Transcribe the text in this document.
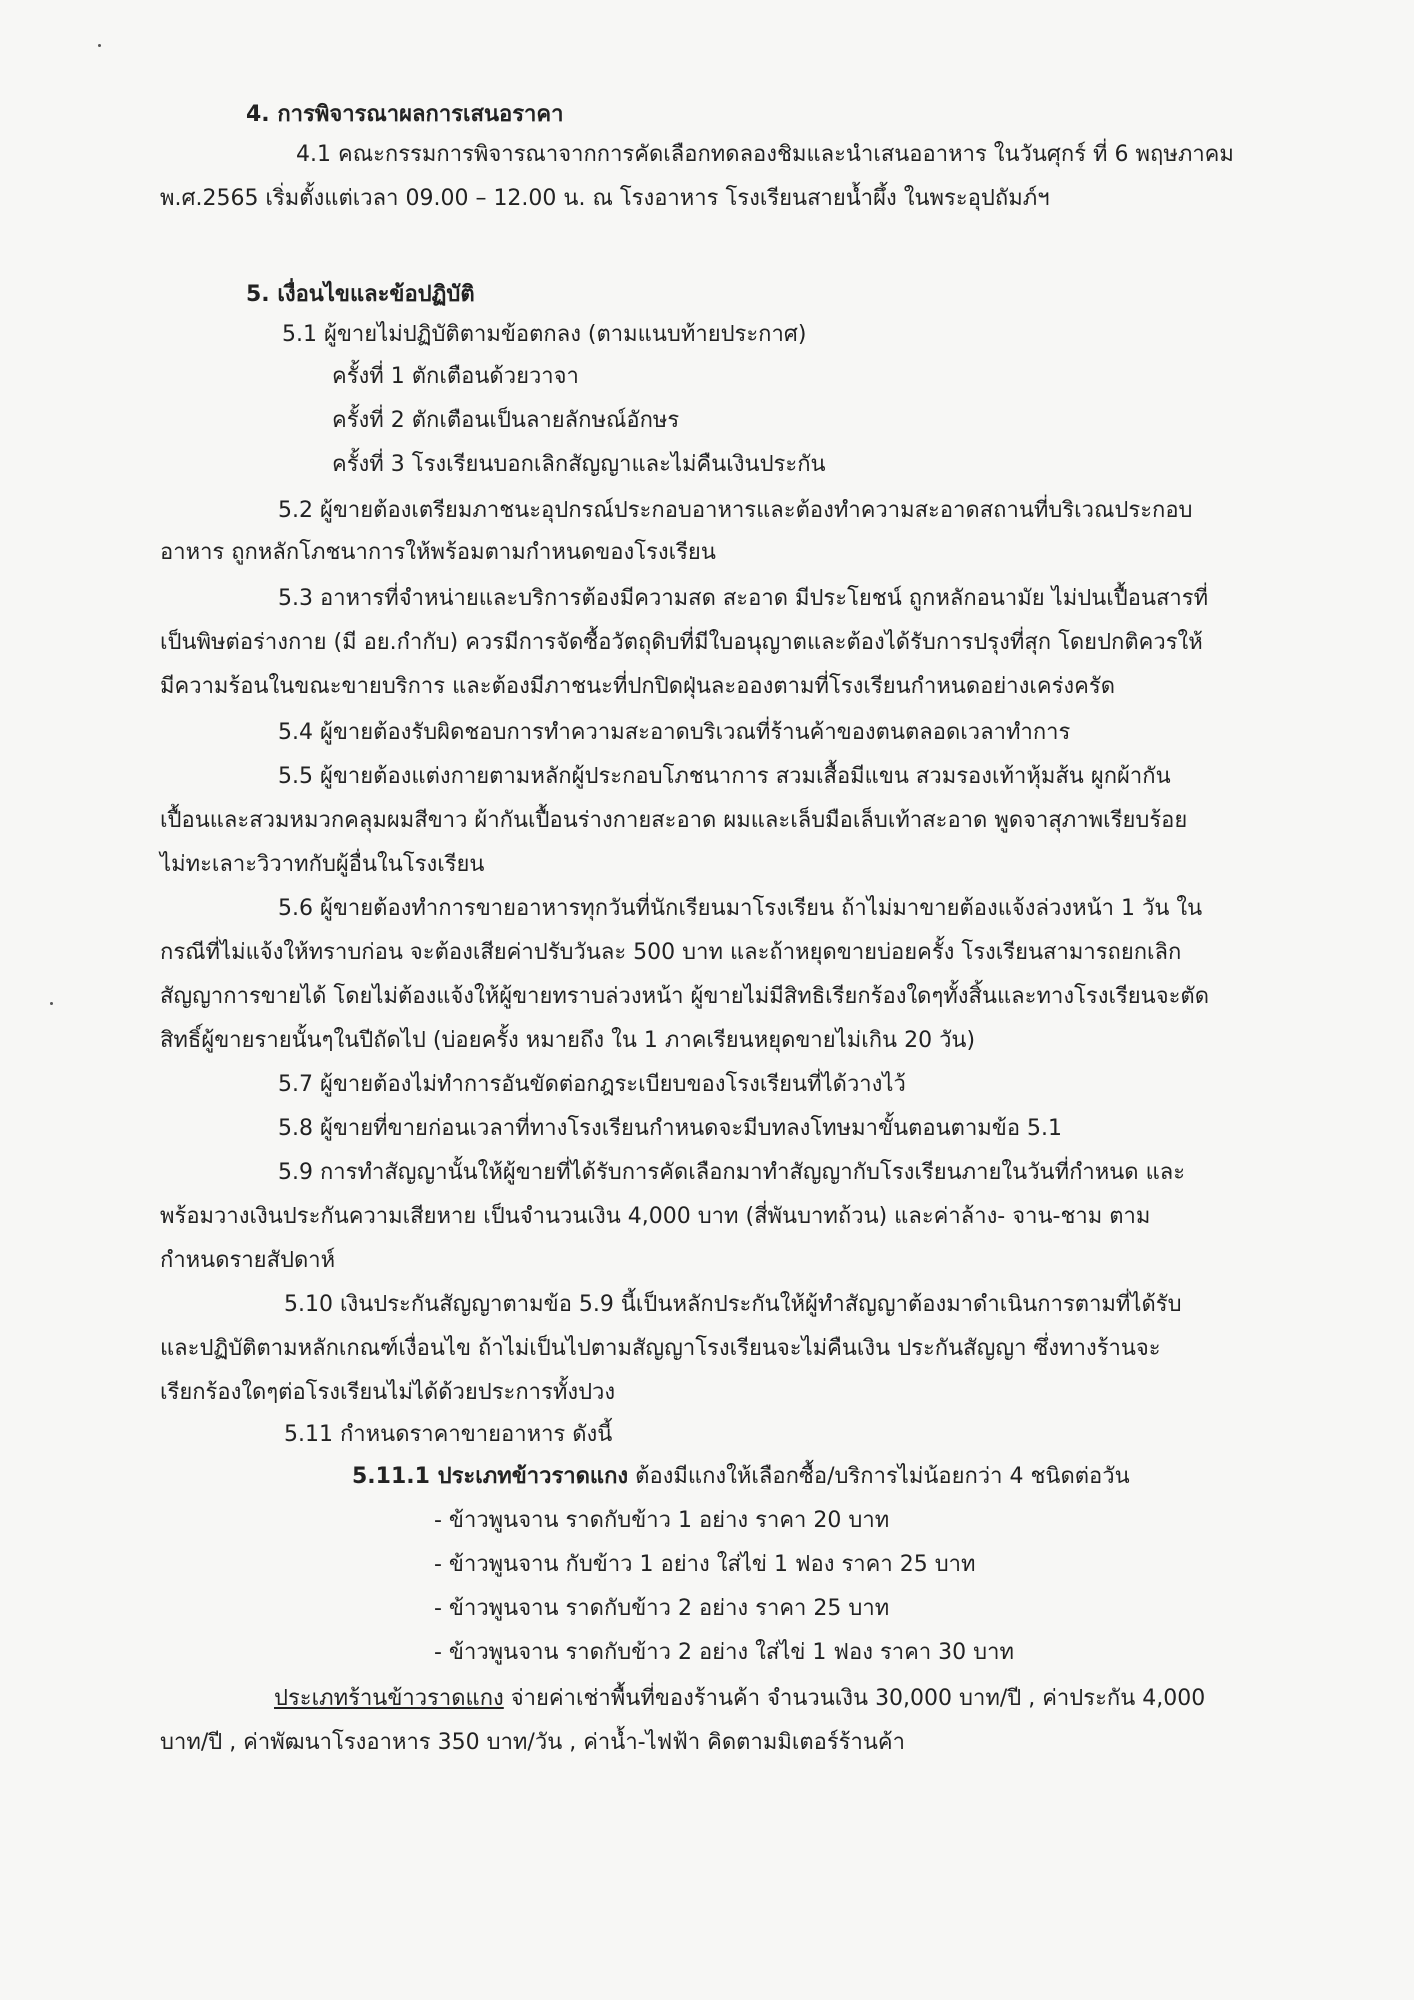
4. การพิจารณาผลการเสนอราคา
4.1 คณะกรรมการพิจารณาจากการคัดเลือกทดลองชิมและนำเสนออาหาร ในวันศุกร์ ที่ 6 พฤษภาคม
พ.ศ.2565 เริ่มตั้งแต่เวลา 09.00 – 12.00 น. ณ โรงอาหาร โรงเรียนสายน้ำผึ้ง ในพระอุปถัมภ์ฯ
5. เงื่อนไขและข้อปฏิบัติ
5.1 ผู้ขายไม่ปฏิบัติตามข้อตกลง (ตามแนบท้ายประกาศ)
ครั้งที่ 1 ตักเตือนด้วยวาจา
ครั้งที่ 2 ตักเตือนเป็นลายลักษณ์อักษร
ครั้งที่ 3 โรงเรียนบอกเลิกสัญญาและไม่คืนเงินประกัน
5.2 ผู้ขายต้องเตรียมภาชนะอุปกรณ์ประกอบอาหารและต้องทำความสะอาดสถานที่บริเวณประกอบ
อาหาร ถูกหลักโภชนาการให้พร้อมตามกำหนดของโรงเรียน
5.3 อาหารที่จำหน่ายและบริการต้องมีความสด สะอาด มีประโยชน์ ถูกหลักอนามัย ไม่ปนเปื้อนสารที่
เป็นพิษต่อร่างกาย (มี อย.กำกับ) ควรมีการจัดซื้อวัตถุดิบที่มีใบอนุญาตและต้องได้รับการปรุงที่สุก โดยปกติควรให้
มีความร้อนในขณะขายบริการ และต้องมีภาชนะที่ปกปิดฝุ่นละอองตามที่โรงเรียนกำหนดอย่างเคร่งครัด
5.4 ผู้ขายต้องรับผิดชอบการทำความสะอาดบริเวณที่ร้านค้าของตนตลอดเวลาทำการ
5.5 ผู้ขายต้องแต่งกายตามหลักผู้ประกอบโภชนาการ สวมเสื้อมีแขน สวมรองเท้าหุ้มส้น ผูกผ้ากัน
เปื้อนและสวมหมวกคลุมผมสีขาว ผ้ากันเปื้อนร่างกายสะอาด ผมและเล็บมือเล็บเท้าสะอาด พูดจาสุภาพเรียบร้อย
ไม่ทะเลาะวิวาทกับผู้อื่นในโรงเรียน
5.6 ผู้ขายต้องทำการขายอาหารทุกวันที่นักเรียนมาโรงเรียน ถ้าไม่มาขายต้องแจ้งล่วงหน้า 1 วัน ใน
กรณีที่ไม่แจ้งให้ทราบก่อน จะต้องเสียค่าปรับวันละ 500 บาท และถ้าหยุดขายบ่อยครั้ง โรงเรียนสามารถยกเลิก
สัญญาการขายได้ โดยไม่ต้องแจ้งให้ผู้ขายทราบล่วงหน้า ผู้ขายไม่มีสิทธิเรียกร้องใดๆทั้งสิ้นและทางโรงเรียนจะตัด
สิทธิ์ผู้ขายรายนั้นๆในปีถัดไป (บ่อยครั้ง หมายถึง ใน 1 ภาคเรียนหยุดขายไม่เกิน 20 วัน)
5.7 ผู้ขายต้องไม่ทำการอันขัดต่อกฎระเบียบของโรงเรียนที่ได้วางไว้
5.8 ผู้ขายที่ขายก่อนเวลาที่ทางโรงเรียนกำหนดจะมีบทลงโทษมาขั้นตอนตามข้อ 5.1
5.9 การทำสัญญานั้นให้ผู้ขายที่ได้รับการคัดเลือกมาทำสัญญากับโรงเรียนภายในวันที่กำหนด และ
พร้อมวางเงินประกันความเสียหาย เป็นจำนวนเงิน 4,000 บาท (สี่พันบาทถ้วน) และค่าล้าง- จาน-ชาม ตาม
กำหนดรายสัปดาห์
5.10 เงินประกันสัญญาตามข้อ 5.9 นี้เป็นหลักประกันให้ผู้ทำสัญญาต้องมาดำเนินการตามที่ได้รับ
และปฏิบัติตามหลักเกณฑ์เงื่อนไข ถ้าไม่เป็นไปตามสัญญาโรงเรียนจะไม่คืนเงิน ประกันสัญญา ซึ่งทางร้านจะ
เรียกร้องใดๆต่อโรงเรียนไม่ได้ด้วยประการทั้งปวง
5.11 กำหนดราคาขายอาหาร ดังนี้
5.11.1 ประเภทข้าวราดแกง ต้องมีแกงให้เลือกซื้อ/บริการไม่น้อยกว่า 4 ชนิดต่อวัน
- ข้าวพูนจาน ราดกับข้าว 1 อย่าง ราคา 20 บาท
- ข้าวพูนจาน กับข้าว 1 อย่าง ใส่ไข่ 1 ฟอง ราคา 25 บาท
- ข้าวพูนจาน ราดกับข้าว 2 อย่าง ราคา 25 บาท
- ข้าวพูนจาน ราดกับข้าว 2 อย่าง ใส่ไข่ 1 ฟอง ราคา 30 บาท
ประเภทร้านข้าวราดแกง จ่ายค่าเช่าพื้นที่ของร้านค้า จำนวนเงิน 30,000 บาท/ปี , ค่าประกัน 4,000
บาท/ปี , ค่าพัฒนาโรงอาหาร 350 บาท/วัน , ค่าน้ำ-ไฟฟ้า คิดตามมิเตอร์ร้านค้า
